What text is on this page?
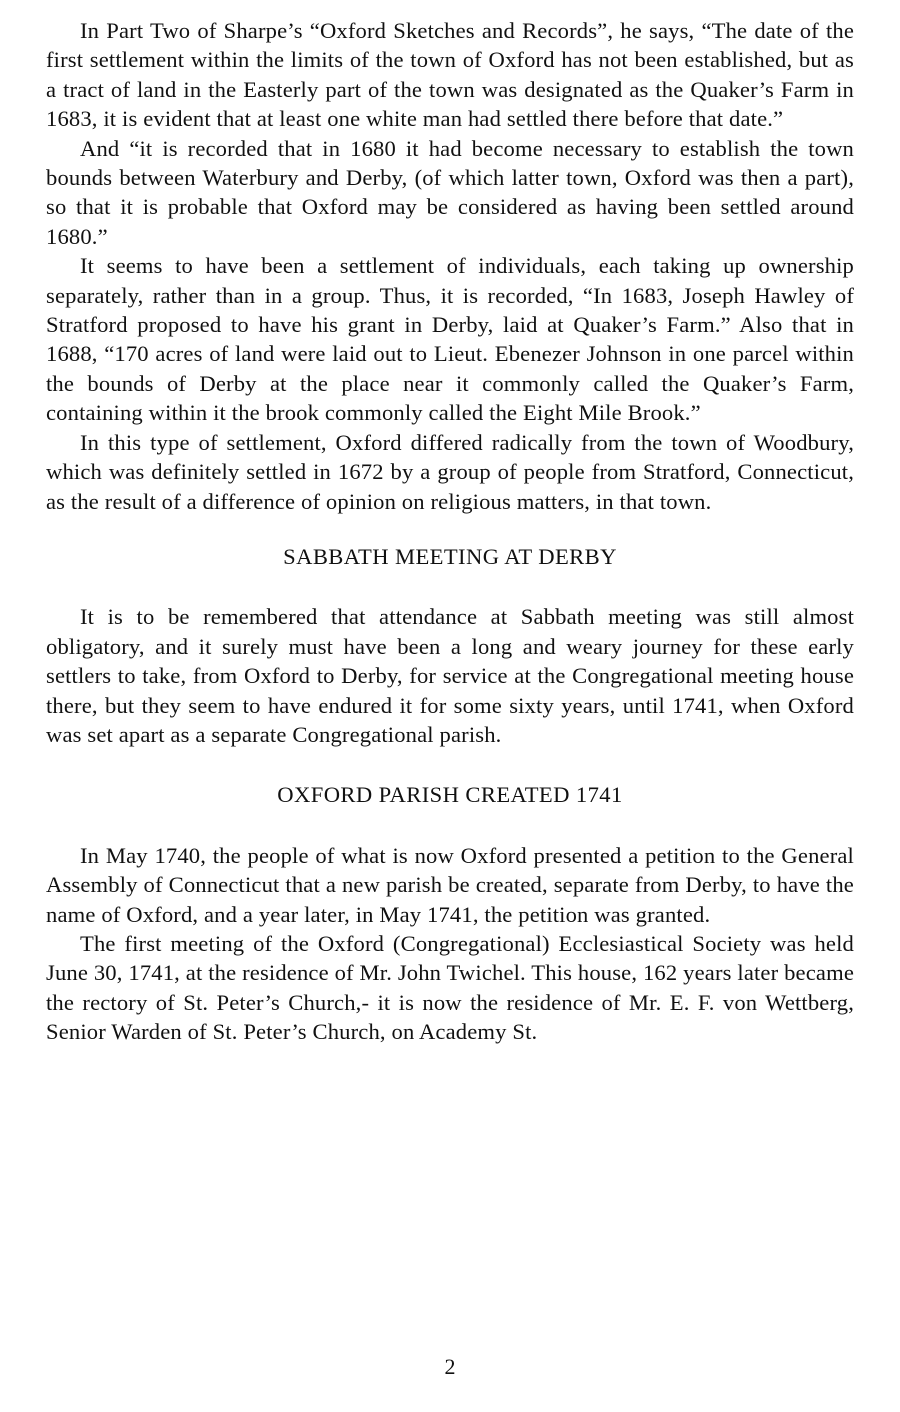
In Part Two of Sharpe’s “Oxford Sketches and Records”, he says, “The date of the first settlement within the limits of the town of Oxford has not been established, but as a tract of land in the Easterly part of the town was designated as the Quaker’s Farm in 1683, it is evident that at least one white man had settled there before that date.”

And “it is recorded that in 1680 it had become necessary to establish the town bounds between Waterbury and Derby, (of which latter town, Oxford was then a part), so that it is probable that Oxford may be considered as having been settled around 1680.”

It seems to have been a settlement of individuals, each taking up ownership separately, rather than in a group. Thus, it is recorded, “In 1683, Joseph Hawley of Stratford proposed to have his grant in Derby, laid at Quaker’s Farm.” Also that in 1688, “170 acres of land were laid out to Lieut. Ebenezer Johnson in one parcel within the bounds of Derby at the place near it commonly called the Quaker’s Farm, containing within it the brook commonly called the Eight Mile Brook.”

In this type of settlement, Oxford differed radically from the town of Woodbury, which was definitely settled in 1672 by a group of people from Stratford, Connecticut, as the result of a difference of opinion on religious matters, in that town.

SABBATH MEETING AT DERBY

It is to be remembered that attendance at Sabbath meeting was still almost obligatory, and it surely must have been a long and weary journey for these early settlers to take, from Oxford to Derby, for service at the Congregational meeting house there, but they seem to have endured it for some sixty years, until 1741, when Oxford was set apart as a separate Congregational parish.

OXFORD PARISH CREATED 1741

In May 1740, the people of what is now Oxford presented a petition to the General Assembly of Connecticut that a new parish be created, separate from Derby, to have the name of Oxford, and a year later, in May 1741, the petition was granted.

The first meeting of the Oxford (Congregational) Ecclesiastical Society was held June 30, 1741, at the residence of Mr. John Twichel. This house, 162 years later became the rectory of St. Peter’s Church,- it is now the residence of Mr. E. F. von Wettberg, Senior Warden of St. Peter’s Church, on Academy St.

2
